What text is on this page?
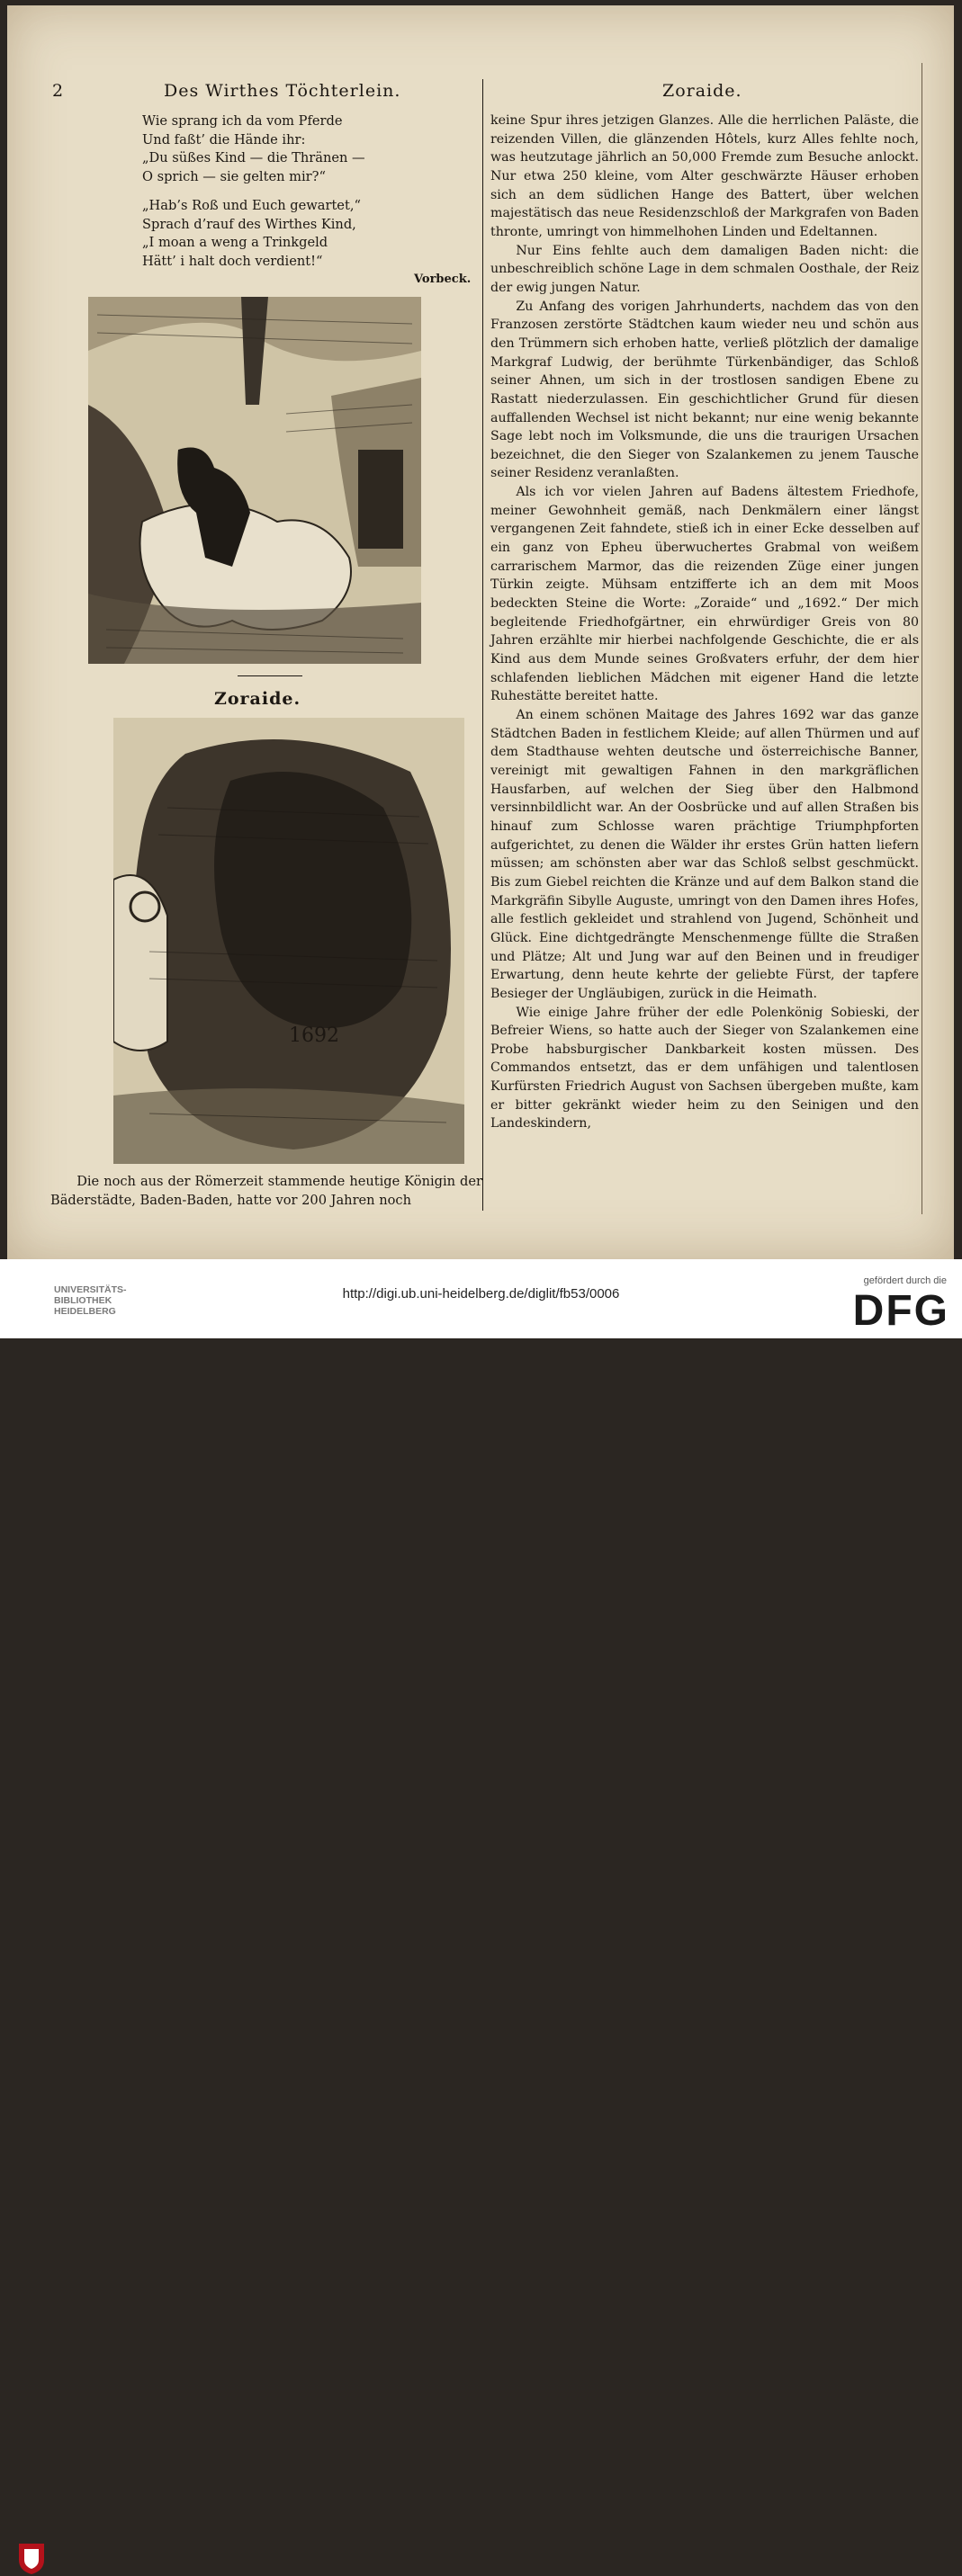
2	Des Wirthes Töchterlein.	Zoraide.
Wie sprang ich da vom Pferde
Und faßt’ die Hände ihr:
„Du süßes Kind — die Thränen —
O sprich — sie gelten mir?“
„Hab’s Roß und Euch gewartet,“
Sprach d’rauf des Wirthes Kind,
„I moan a weng a Trinkgeld
Hätt’ i halt doch verdient!“
Vorbeck.
Zoraide.
1692

Die noch aus der Römerzeit stammende heutige Königin der Bäderstädte, Baden-Baden, hatte vor 200 Jahren noch

keine Spur ihres jetzigen Glanzes. Alle die herrlichen Paläste, die reizenden Villen, die glänzenden Hôtels, kurz Alles fehlte noch, was heutzutage jährlich an 50,000 Fremde zum Besuche anlockt. Nur etwa 250 kleine, vom Alter geschwärzte Häuser erhoben sich an dem südlichen Hange des Battert, über welchen majestätisch das neue Residenzschloß der Markgrafen von Baden thronte, umringt von himmelhohen Linden und Edeltannen.

Nur Eins fehlte auch dem damaligen Baden nicht: die unbeschreiblich schöne Lage in dem schmalen Oosthale, der Reiz der ewig jungen Natur.

Zu Anfang des vorigen Jahrhunderts, nachdem das von den Franzosen zerstörte Städtchen kaum wieder neu und schön aus den Trümmern sich erhoben hatte, verließ plötzlich der damalige Markgraf Ludwig, der berühmte Türkenbändiger, das Schloß seiner Ahnen, um sich in der trostlosen sandigen Ebene zu Rastatt niederzulassen. Ein geschichtlicher Grund für diesen auffallenden Wechsel ist nicht bekannt; nur eine wenig bekannte Sage lebt noch im Volksmunde, die uns die traurigen Ursachen bezeichnet, die den Sieger von Szalankemen zu jenem Tausche seiner Residenz veranlaßten.

Als ich vor vielen Jahren auf Badens ältestem Friedhofe, meiner Gewohnheit gemäß, nach Denkmälern einer längst vergangenen Zeit fahndete, stieß ich in einer Ecke desselben auf ein ganz von Epheu überwuchertes Grabmal von weißem carrarischem Marmor, das die reizenden Züge einer jungen Türkin zeigte. Mühsam entzifferte ich an dem mit Moos bedeckten Steine die Worte: „Zoraide“ und „1692.“ Der mich begleitende Friedhofgärtner, ein ehrwürdiger Greis von 80 Jahren erzählte mir hierbei nachfolgende Geschichte, die er als Kind aus dem Munde seines Großvaters erfuhr, der dem hier schlafenden lieblichen Mädchen mit eigener Hand die letzte Ruhestätte bereitet hatte.

An einem schönen Maitage des Jahres 1692 war das ganze Städtchen Baden in festlichem Kleide; auf allen Thürmen und auf dem Stadthause wehten deutsche und österreichische Banner, vereinigt mit gewaltigen Fahnen in den markgräflichen Hausfarben, auf welchen der Sieg über den Halbmond versinnbildlicht war. An der Oosbrücke und auf allen Straßen bis hinauf zum Schlosse waren prächtige Triumphpforten aufgerichtet, zu denen die Wälder ihr erstes Grün hatten liefern müssen; am schönsten aber war das Schloß selbst geschmückt. Bis zum Giebel reichten die Kränze und auf dem Balkon stand die Markgräfin Sibylle Auguste, umringt von den Damen ihres Hofes, alle festlich gekleidet und strahlend von Jugend, Schönheit und Glück. Eine dichtgedrängte Menschenmenge füllte die Straßen und Plätze; Alt und Jung war auf den Beinen und in freudiger Erwartung, denn heute kehrte der geliebte Fürst, der tapfere Besieger der Ungläubigen, zurück in die Heimath.

Wie einige Jahre früher der edle Polenkönig Sobieski, der Befreier Wiens, so hatte auch der Sieger von Szalankemen eine Probe habsburgischer Dankbarkeit kosten müssen. Des Commandos entsetzt, das er dem unfähigen und talentlosen Kurfürsten Friedrich August von Sachsen übergeben mußte, kam er bitter gekränkt wieder heim zu den Seinigen und den Landeskindern,

UNIVERSITÄTS-
BIBLIOTHEK
HEIDELBERG
http://digi.ub.uni-heidelberg.de/diglit/fb53/0006
gefördert durch die
DFG
